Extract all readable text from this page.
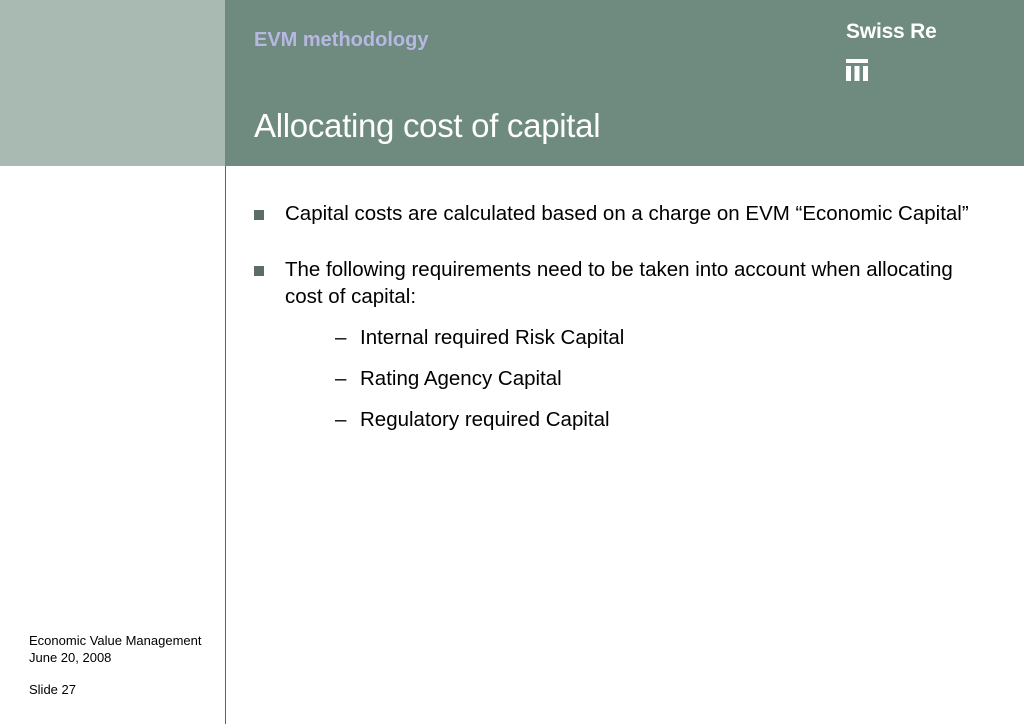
EVM methodology
Allocating cost of capital
Swiss Re
Capital costs are calculated based on a charge on EVM “Economic Capital”
The following requirements need to be taken into account when allocating cost of capital:
– Internal required Risk Capital
– Rating Agency Capital
– Regulatory required Capital
Economic Value Management
June 20, 2008
Slide 27
